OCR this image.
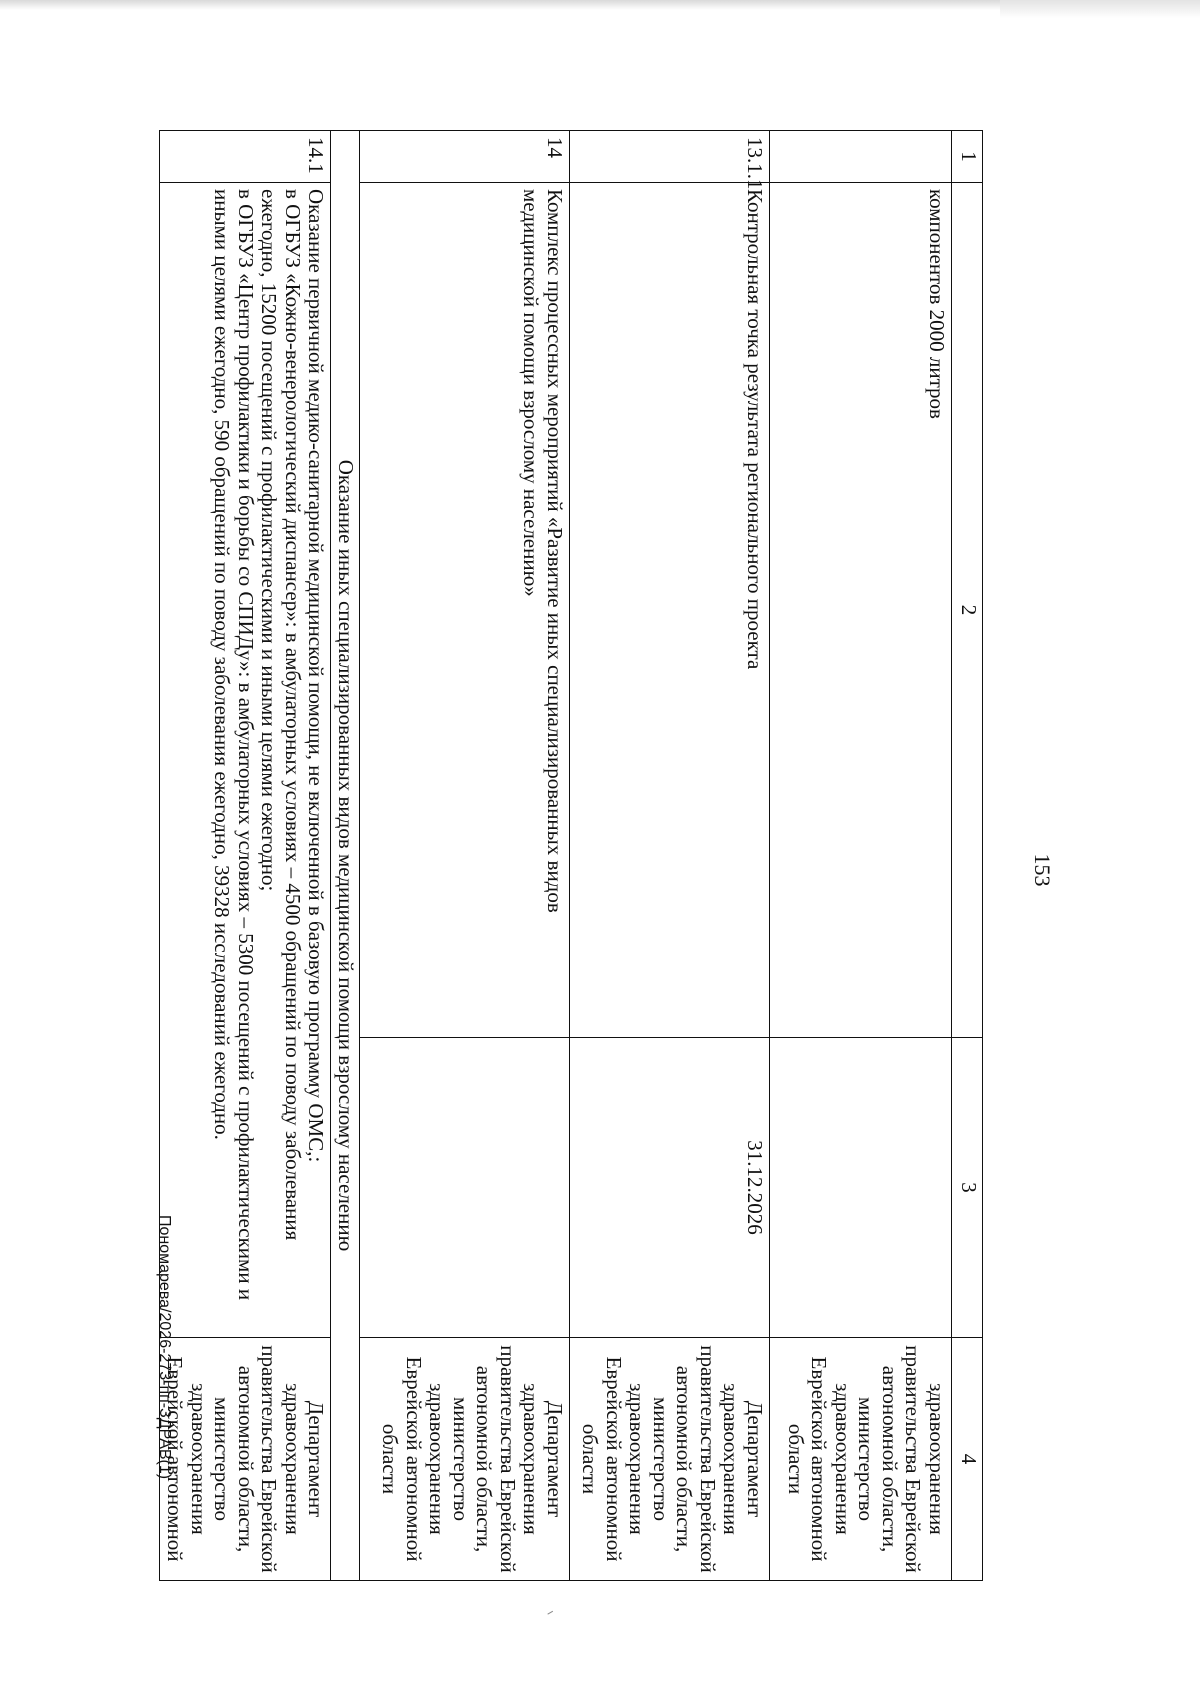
153
1	2	3	4
	компонентов 2000 литров		здравоохранения правительства Еврейской автономной области, министерство здравоохранения Еврейской автономной области
13.1.1	Контрольная точка результата регионального проекта	31.12.2026	Департамент здравоохранения правительства Еврейской автономной области, министерство здравоохранения Еврейской автономной области
14	Комплекс процессных мероприятий «Развитие иных специализированных видов медицинской помощи взрослому населению»		Департамент здравоохранения правительства Еврейской автономной области, министерство здравоохранения Еврейской автономной области
Оказание иных специализированных видов медицинской помощи взрослому населению			
14.1	Оказание первичной медико-санитарной медицинской помощи, не включенной в базовую программу ОМС,:

в ОГБУЗ «Кожно-венерологический диспансер»: в амбулаторных условиях – 4500 обращений по поводу заболевания ежегодно, 15200 посещений с профилактическими и иными целями ежегодно;

в ОГБУЗ «Центр профилактики и борьбы со СПИДу»: в амбулаторных условиях – 5300 посещений с профилактическими и иными целями ежегодно, 590 обращений по поводу заболевания ежегодно, 39328 исследований ежегодно.		Департамент здравоохранения правительства Еврейской автономной области, министерство здравоохранения Еврейской автономной
Пономарева/2026-273-пп-ЗДРАВ(1)
